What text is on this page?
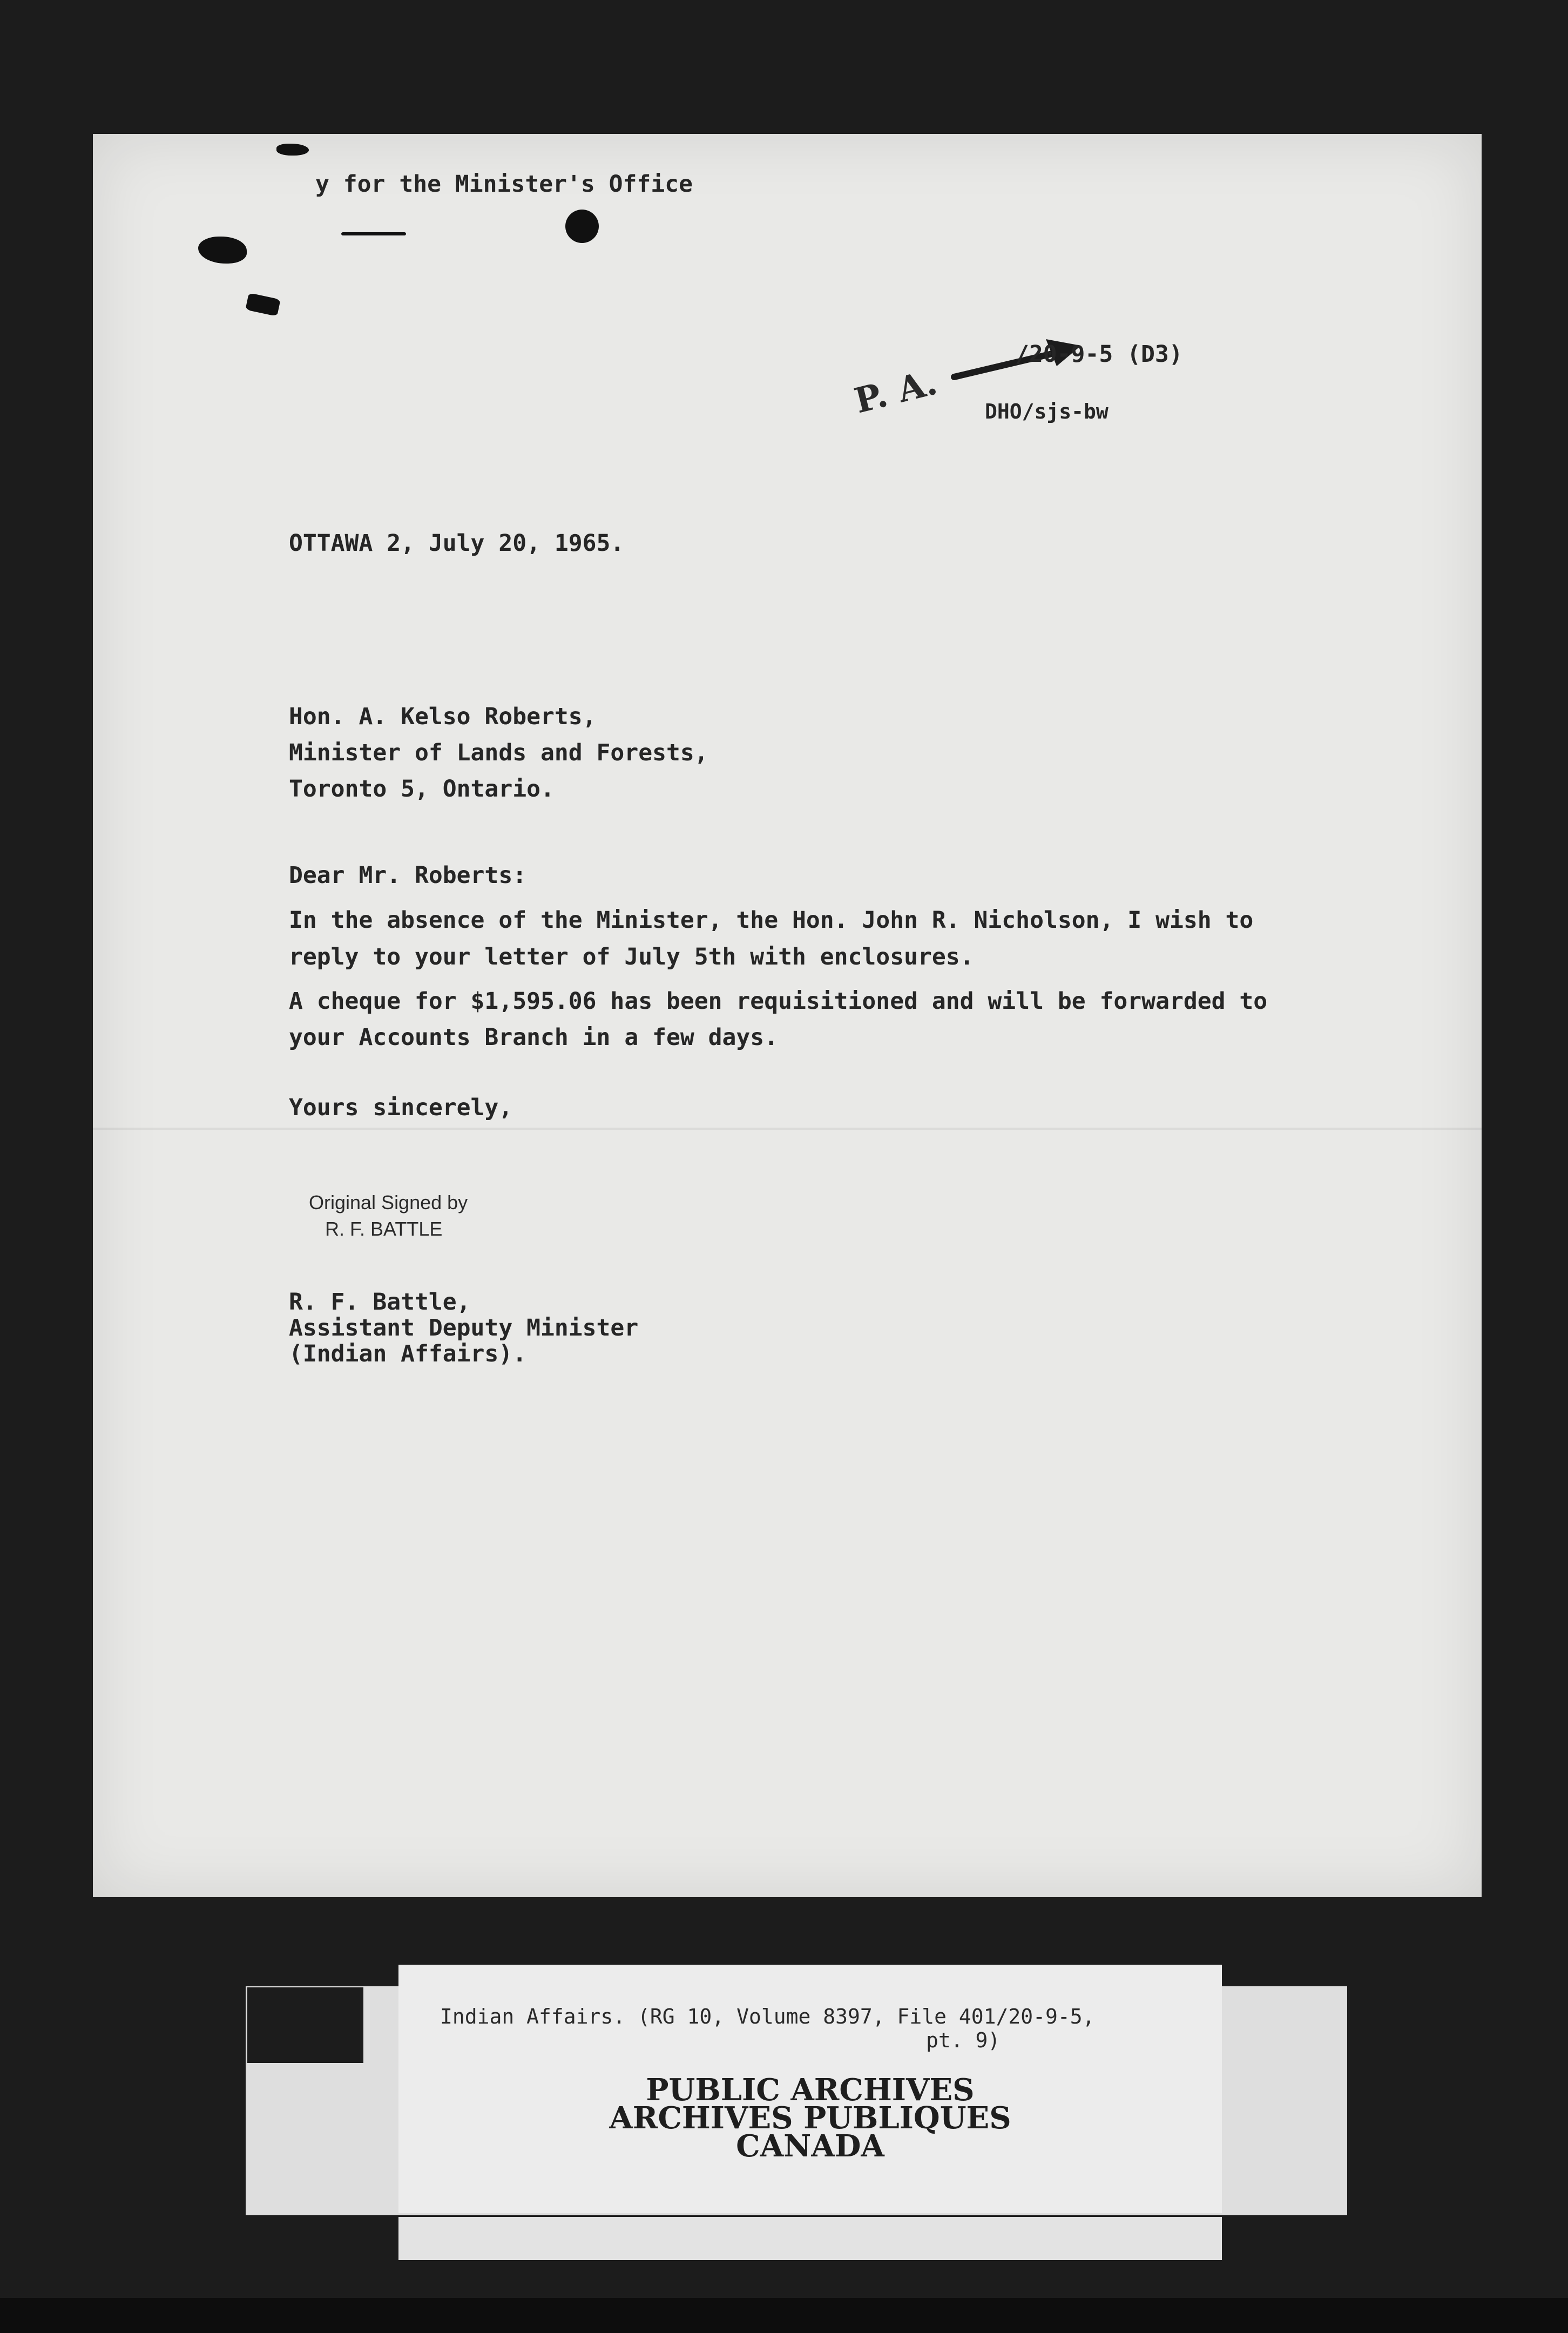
y for the Minister's Office
P. A.
/20-9-5 (D3)
DHO/sjs-bw
OTTAWA 2, July 20, 1965.
Hon. A. Kelso Roberts,
Minister of Lands and Forests,
Toronto 5, Ontario.
Dear Mr. Roberts:
In the absence of the Minister, the Hon. John R. Nicholson, I wish to
reply to your letter of July 5th with enclosures.
A cheque for $1,595.06 has been requisitioned and will be forwarded to
your Accounts Branch in a few days.
Yours sincerely,
Original Signed by
R. F. BATTLE
R. F. Battle,
Assistant Deputy Minister
(Indian Affairs).
Indian Affairs. (RG 10, Volume 8397, File 401/20-9-5,
pt. 9)
PUBLIC ARCHIVES
ARCHIVES PUBLIQUES
CANADA
